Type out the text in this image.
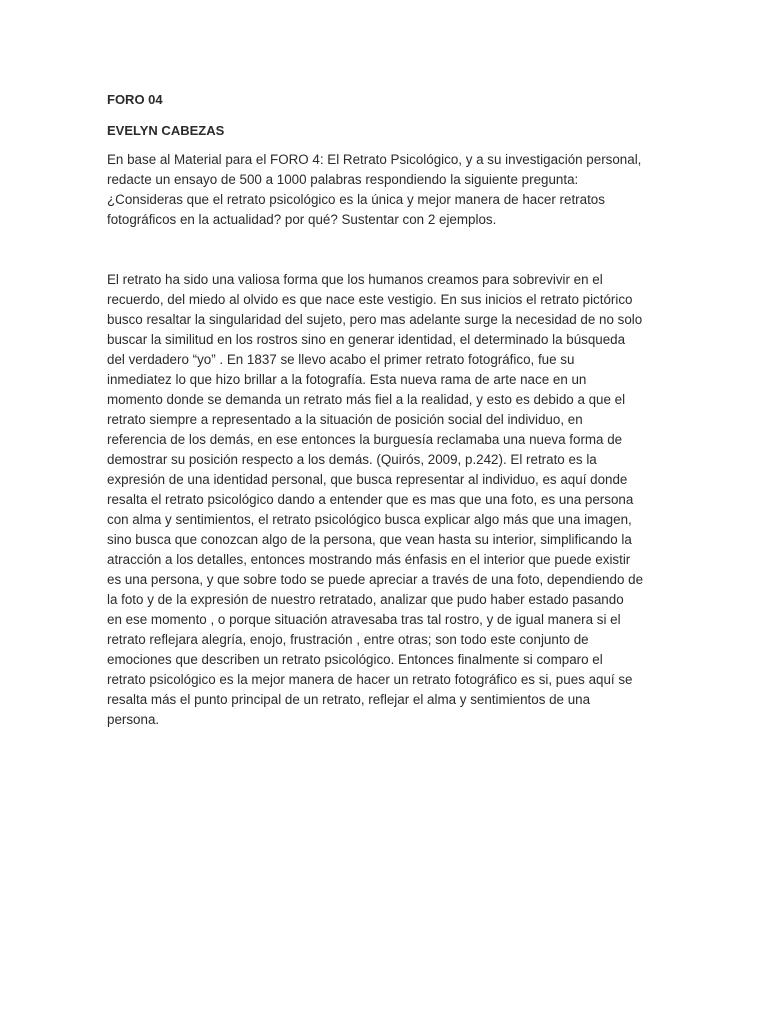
FORO 04

EVELYN CABEZAS

En base al Material para el FORO 4: El Retrato Psicológico, y a su investigación personal,
redacte un ensayo de 500 a 1000 palabras respondiendo la siguiente pregunta:
¿Consideras que el retrato psicológico es la única y mejor manera de hacer retratos
fotográficos en la actualidad? por qué? Sustentar con 2 ejemplos.

El retrato ha sido una valiosa forma que los humanos creamos para sobrevivir en el
recuerdo, del miedo al olvido es que nace este vestigio. En sus inicios el retrato pictórico
busco resaltar la singularidad del sujeto, pero mas adelante surge la necesidad de no solo
buscar la similitud en los rostros sino en generar identidad, el determinado la búsqueda
del verdadero “yo” . En 1837 se llevo acabo el primer retrato fotográfico, fue su
inmediatez lo que hizo brillar a la fotografía. Esta nueva rama de arte nace en un
momento donde se demanda un retrato más fiel a la realidad, y esto es debido a que el
retrato siempre a representado a la situación de posición social del individuo, en
referencia de los demás, en ese entonces la burguesía reclamaba una nueva forma de
demostrar su posición respecto a los demás. (Quirós, 2009, p.242). El retrato es la
expresión de una identidad personal, que busca representar al individuo, es aquí donde
resalta el retrato psicológico dando a entender que es mas que una foto, es una persona
con alma y sentimientos, el retrato psicológico busca explicar algo más que una imagen,
sino busca que conozcan algo de la persona, que vean hasta su interior, simplificando la
atracción a los detalles, entonces mostrando más énfasis en el interior que puede existir
es una persona, y que sobre todo se puede apreciar a través de una foto, dependiendo de
la foto y de la expresión de nuestro retratado, analizar que pudo haber estado pasando
en ese momento , o porque situación atravesaba tras tal rostro, y de igual manera si el
retrato reflejara alegría, enojo, frustración , entre otras; son todo este conjunto de
emociones que describen un retrato psicológico. Entonces finalmente si comparo el
retrato psicológico es la mejor manera de hacer un retrato fotográfico es si, pues aquí se
resalta más el punto principal de un retrato, reflejar el alma y sentimientos de una
persona.
